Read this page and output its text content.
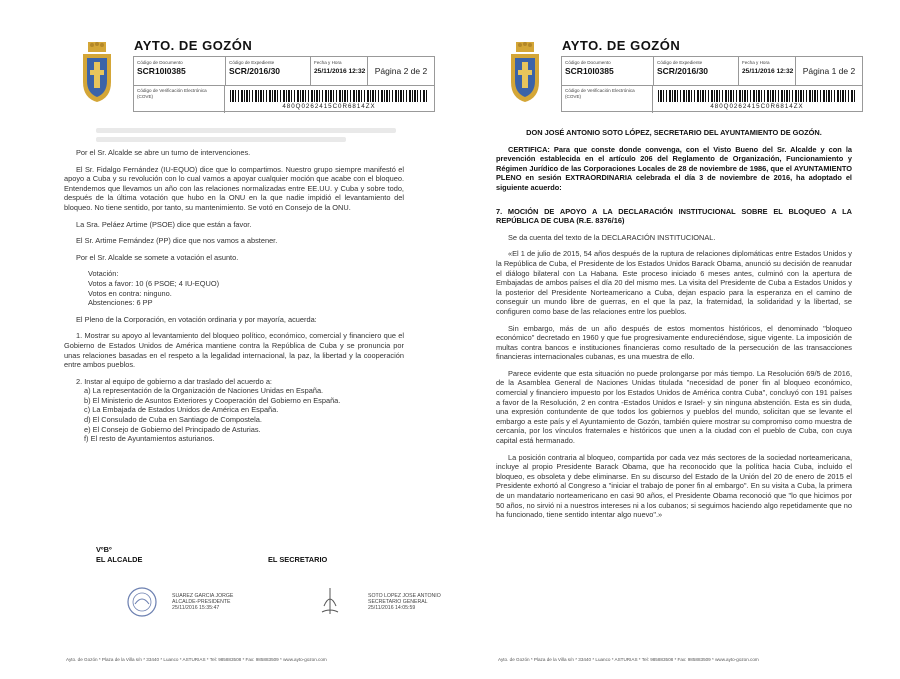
AYTO. DE GOZÓN
Código de Documento
SCR10I0385
Código de Expediente
SCR/2016/30
Fecha y Hora
25/11/2016 12:32	Página 2 de 2
Código de Verificación Electrónica (COVE)
480Q0262415C0R6814ZX

Por el Sr. Alcalde se abre un turno de intervenciones.

El Sr. Fidalgo Fernández (IU-EQUO) dice que lo compartimos. Nuestro grupo siempre manifestó el apoyo a Cuba y su revolución con lo cual vamos a apoyar cualquier moción que acabe con el bloqueo. Entendemos que llevamos un año con las relaciones normalizadas entre EE.UU. y Cuba y sobre todo, después de la última votación que hubo en la ONU en la que nadie impidió el levantamiento del bloqueo. No tiene sentido, por tanto, su mantenimiento. Se votó en Consejo de la ONU.

La Sra. Peláez Artime (PSOE) dice que están a favor.

El Sr. Artime Fernández (PP) dice que nos vamos a abstener.

Por el Sr. Alcalde se somete a votación el asunto.

Votación:

Votos a favor: 10 (6 PSOE; 4 IU-EQUO)

Votos en contra: ninguno.

Abstenciones: 6 PP

El Pleno de la Corporación, en votación ordinaria y por mayoría, acuerda:

1. Mostrar su apoyo al levantamiento del bloqueo político, económico, comercial y financiero que el Gobierno de Estados Unidos de América mantiene contra la República de Cuba y se pronuncia por unas relaciones basadas en el respeto a la legalidad internacional, la paz, la libertad y la cooperación entre ambos pueblos.

2. Instar al equipo de gobierno a dar traslado del acuerdo a:

a) La representación de la Organización de Naciones Unidas en España.

b) El Ministerio de Asuntos Exteriores y Cooperación del Gobierno en España.

c) La Embajada de Estados Unidos de América en España.

d) El Consulado de Cuba en Santiago de Compostela.

e) El Consejo de Gobierno del Principado de Asturias.

f) El resto de Ayuntamientos asturianos.

VºBº
EL ALCALDE	EL SECRETARIO
SUAREZ GARCIA JORGE
ALCALDE-PRESIDENTE
25/11/2016 15:35:47
SOTO LOPEZ JOSE ANTONIO
SECRETARIO GENERAL
25/11/2016 14:05:59
Ayto. de Gozón * Plaza de la Villa s/n * 33440 * Luanco * ASTURIAS * Tel: 985883508 * Fax: 985883509 * www.ayto-gozon.com
AYTO. DE GOZÓN
Código de Documento
SCR10I0385
Código de Expediente
SCR/2016/30
Fecha y Hora
25/11/2016 12:32	Página 1 de 2
Código de Verificación Electrónica (COVE)
480Q0262415C0R6814ZX

DON JOSÉ ANTONIO SOTO LÓPEZ, SECRETARIO DEL AYUNTAMIENTO DE GOZÓN.

CERTIFICA: Para que conste donde convenga, con el Visto Bueno del Sr. Alcalde y con la prevención establecida en el artículo 206 del Reglamento de Organización, Funcionamiento y Régimen Jurídico de las Corporaciones Locales de 28 de noviembre de 1986, que el AYUNTAMIENTO PLENO en sesión EXTRAORDINARIA celebrada el día 3 de noviembre de 2016, ha adoptado el siguiente acuerdo:

7. MOCIÓN DE APOYO A LA DECLARACIÓN INSTITUCIONAL SOBRE EL BLOQUEO A LA REPÚBLICA DE CUBA (R.E. 8376/16)

Se da cuenta del texto de la DECLARACIÓN INSTITUCIONAL.

«El 1 de julio de 2015, 54 años después de la ruptura de relaciones diplomáticas entre Estados Unidos y la República de Cuba, el Presidente de los Estados Unidos Barack Obama, anunció su decisión de reanudar el diálogo bilateral con La Habana. Este proceso iniciado 6 meses antes, culminó con la apertura de Embajadas de ambos países el día 20 del mismo mes. La visita del Presidente de Cuba a Estados Unidos y la posterior del Presidente Norteamericano a Cuba, dejan espacio para la esperanza en el camino de conseguir un mundo libre de guerras, en el que la paz, la fraternidad, la solidaridad y la libertad, se configuren como base de las relaciones entre los pueblos.

Sin embargo, más de un año después de estos momentos históricos, el denominado "bloqueo económico" decretado en 1960 y que fue progresivamente endureciéndose, sigue vigente. La imposición de multas contra bancos e instituciones financieras como resultado de la persecución de las transacciones financieras internacionales cubanas, es una muestra de ello.

Parece evidente que esta situación no puede prolongarse por más tiempo. La Resolución 69/5 de 2016, de la Asamblea General de Naciones Unidas titulada "necesidad de poner fin al bloqueo económico, comercial y financiero impuesto por los Estados Unidos de América contra Cuba", concluyó con 191 países a favor de la Resolución, 2 en contra -Estados Unidos e Israel- y sin ninguna abstención. Esta es sin duda, una expresión contundente de que todos los gobiernos y pueblos del mundo, solicitan que se levante el embargo a este país y el Ayuntamiento de Gozón, también quiere mostrar su compromiso como muestra de cercanía, por los vínculos fraternales e históricos que unen a la ciudad con el pueblo de Cuba, con cuya capital está hermanado.

La posición contraria al bloqueo, compartida por cada vez más sectores de la sociedad norteamericana, incluye al propio Presidente Barack Obama, que ha reconocido que la política hacia Cuba, incluido el bloqueo, es obsoleta y debe eliminarse. En su discurso del Estado de la Unión del 20 de enero de 2015 el Presidente exhortó al Congreso a "iniciar el trabajo de poner fin al embargo". En su visita a Cuba, la primera de un mandatario norteamericano en casi 90 años, el Presidente Obama reconoció que "lo que hicimos por 50 años, no sirvió ni a nuestros intereses ni a los cubanos; si seguimos haciendo algo repetidamente que no ha funcionado, tiene sentido intentar algo nuevo".»

Ayto. de Gozón * Plaza de la Villa s/n * 33440 * Luanco * ASTURIAS * Tel: 985883508 * Fax: 985883509 * www.ayto-gozon.com
